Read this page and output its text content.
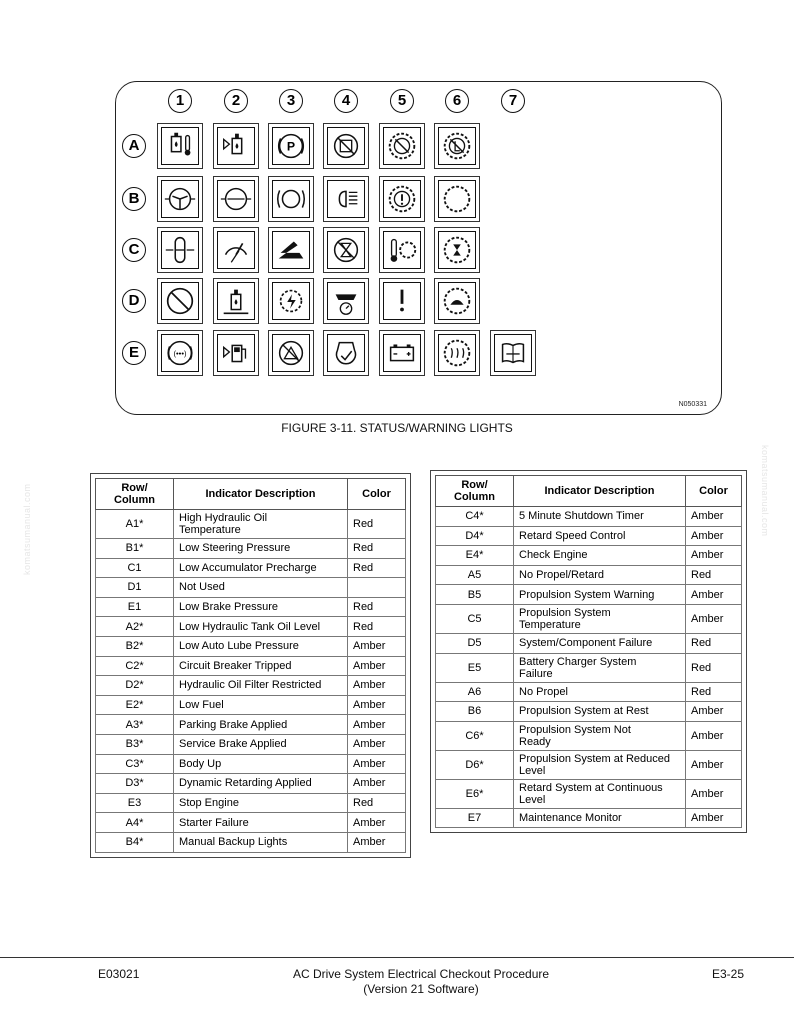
1	2	3	4	5	6	7
A
B
C
D
E
P
(•••)
N050331
FIGURE 3-11. STATUS/WARNING LIGHTS
komatsumanual.com	komatsumanual.com
Row/
Column	Indicator Description	Color
A1*	High Hydraulic Oil
Temperature	Red
B1*	Low Steering Pressure	Red
C1	Low Accumulator Precharge	Red
D1	Not Used	
E1	Low Brake Pressure	Red
A2*	Low Hydraulic Tank Oil Level	Red
B2*	Low Auto Lube Pressure	Amber
C2*	Circuit Breaker Tripped	Amber
D2*	Hydraulic Oil Filter Restricted	Amber
E2*	Low Fuel	Amber
A3*	Parking Brake Applied	Amber
B3*	Service Brake Applied	Amber
C3*	Body Up	Amber
D3*	Dynamic Retarding Applied	Amber
E3	Stop Engine	Red
A4*	Starter Failure	Amber
B4*	Manual Backup Lights	Amber
Row/
Column	Indicator Description	Color
C4*	5 Minute Shutdown Timer	Amber
D4*	Retard Speed Control	Amber
E4*	Check Engine	Amber
A5	No Propel/Retard	Red
B5	Propulsion System Warning	Amber
C5	Propulsion System
Temperature	Amber
D5	System/Component Failure	Red
E5	Battery Charger System
Failure	Red
A6	No Propel	Red
B6	Propulsion System at Rest	Amber
C6*	Propulsion System Not
Ready	Amber
D6*	Propulsion System at Reduced
Level	Amber
E6*	Retard System at Continuous
Level	Amber
E7	Maintenance Monitor	Amber
E03021	AC Drive System Electrical Checkout Procedure
(Version 21 Software)
E3-25
